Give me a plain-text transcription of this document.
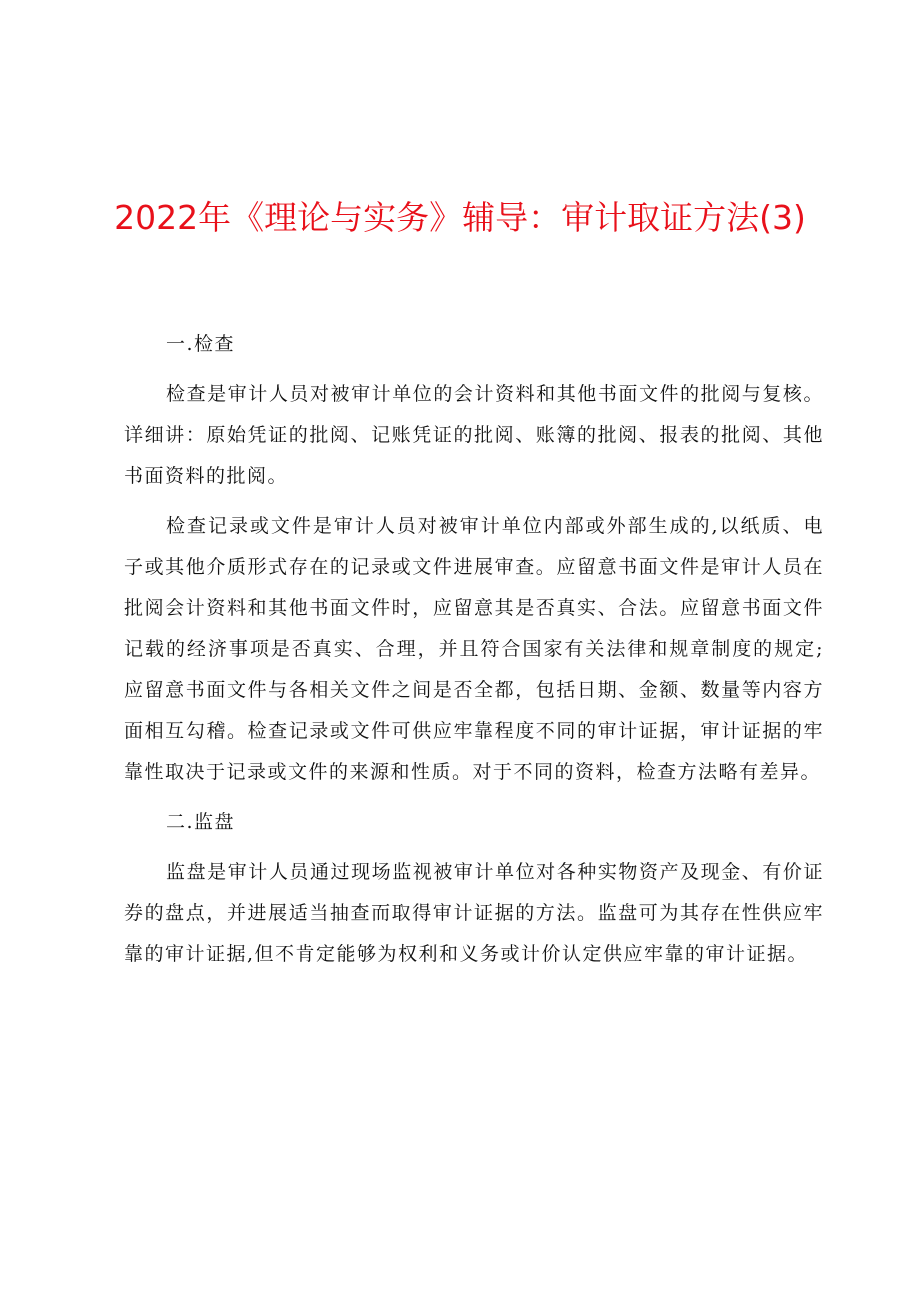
2022年《理论与实务》辅导：审计取证方法(3)

一.检查

检查是审计人员对被审计单位的会计资料和其他书面文件的批阅与复核。详细讲：原始凭证的批阅、记账凭证的批阅、账簿的批阅、报表的批阅、其他书面资料的批阅。

检查记录或文件是审计人员对被审计单位内部或外部生成的,以纸质、电子或其他介质形式存在的记录或文件进展审查。应留意书面文件是审计人员在批阅会计资料和其他书面文件时，应留意其是否真实、合法。应留意书面文件记载的经济事项是否真实、合理，并且符合国家有关法律和规章制度的规定;应留意书面文件与各相关文件之间是否全都，包括日期、金额、数量等内容方面相互勾稽。检查记录或文件可供应牢靠程度不同的审计证据，审计证据的牢靠性取决于记录或文件的来源和性质。对于不同的资料，检查方法略有差异。

二.监盘

监盘是审计人员通过现场监视被审计单位对各种实物资产及现金、有价证券的盘点，并进展适当抽查而取得审计证据的方法。监盘可为其存在性供应牢靠的审计证据,但不肯定能够为权利和义务或计价认定供应牢靠的审计证据。
